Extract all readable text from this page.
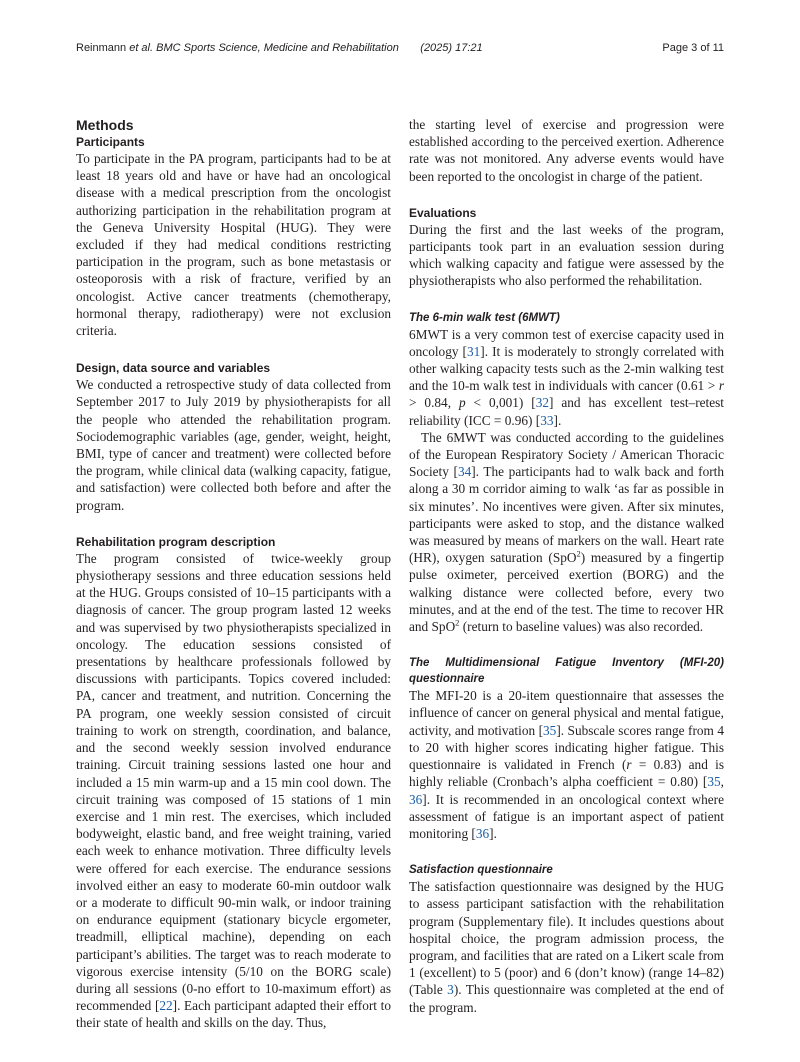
Reinmann et al. BMC Sports Science, Medicine and Rehabilitation (2025) 17:21	Page 3 of 11
Methods
Participants

To participate in the PA program, participants had to be at least 18 years old and have or have had an oncological disease with a medical prescription from the oncologist authorizing participation in the rehabilitation program at the Geneva University Hospital (HUG). They were excluded if they had medical conditions restricting participation in the program, such as bone metastasis or osteoporosis with a risk of fracture, verified by an oncologist. Active cancer treatments (chemotherapy, hormonal therapy, radiotherapy) were not exclusion criteria.

Design, data source and variables

We conducted a retrospective study of data collected from September 2017 to July 2019 by physiotherapists for all the people who attended the rehabilitation program. Sociodemographic variables (age, gender, weight, height, BMI, type of cancer and treatment) were collected before the program, while clinical data (walking capacity, fatigue, and satisfaction) were collected both before and after the program.

Rehabilitation program description

The program consisted of twice-weekly group physiotherapy sessions and three education sessions held at the HUG. Groups consisted of 10–15 participants with a diagnosis of cancer. The group program lasted 12 weeks and was supervised by two physiotherapists specialized in oncology. The education sessions consisted of presentations by healthcare professionals followed by discussions with participants. Topics covered included: PA, cancer and treatment, and nutrition. Concerning the PA program, one weekly session consisted of circuit training to work on strength, coordination, and balance, and the second weekly session involved endurance training. Circuit training sessions lasted one hour and included a 15 min warm-up and a 15 min cool down. The circuit training was composed of 15 stations of 1 min exercise and 1 min rest. The exercises, which included bodyweight, elastic band, and free weight training, varied each week to enhance motivation. Three difficulty levels were offered for each exercise. The endurance sessions involved either an easy to moderate 60-min outdoor walk or a moderate to difficult 90-min walk, or indoor training on endurance equipment (stationary bicycle ergometer, treadmill, elliptical machine), depending on each participant’s abilities. The target was to reach moderate to vigorous exercise intensity (5/10 on the BORG scale) during all sessions (0-no effort to 10-maximum effort) as recommended [22]. Each participant adapted their effort to their state of health and skills on the day. Thus,

the starting level of exercise and progression were established according to the perceived exertion. Adherence rate was not monitored. Any adverse events would have been reported to the oncologist in charge of the patient.

Evaluations

During the first and the last weeks of the program, participants took part in an evaluation session during which walking capacity and fatigue were assessed by the physiotherapists who also performed the rehabilitation.

The 6-min walk test (6MWT)

6MWT is a very common test of exercise capacity used in oncology [31]. It is moderately to strongly correlated with other walking capacity tests such as the 2-min walking test and the 10-m walk test in individuals with cancer (0.61 > r > 0.84, p < 0,001) [32] and has excellent test–retest reliability (ICC = 0.96) [33].

The 6MWT was conducted according to the guidelines of the European Respiratory Society / American Thoracic Society [34]. The participants had to walk back and forth along a 30 m corridor aiming to walk ‘as far as possible in six minutes’. No incentives were given. After six minutes, participants were asked to stop, and the distance walked was measured by means of markers on the wall. Heart rate (HR), oxygen saturation (SpO$^2$) measured by a fingertip pulse oximeter, perceived exertion (BORG) and the walking distance were collected before, every two minutes, and at the end of the test. The time to recover HR and SpO$^2$ (return to baseline values) was also recorded.

The Multidimensional Fatigue Inventory (MFI-20) questionnaire

The MFI-20 is a 20-item questionnaire that assesses the influence of cancer on general physical and mental fatigue, activity, and motivation [35]. Subscale scores range from 4 to 20 with higher scores indicating higher fatigue. This questionnaire is validated in French (r = 0.83) and is highly reliable (Cronbach’s alpha coefficient = 0.80) [35, 36]. It is recommended in an oncological context where assessment of fatigue is an important aspect of patient monitoring [36].

Satisfaction questionnaire

The satisfaction questionnaire was designed by the HUG to assess participant satisfaction with the rehabilitation program (Supplementary file). It includes questions about hospital choice, the program admission process, the program, and facilities that are rated on a Likert scale from 1 (excellent) to 5 (poor) and 6 (don’t know) (range 14–82) (Table 3). This questionnaire was completed at the end of the program.
